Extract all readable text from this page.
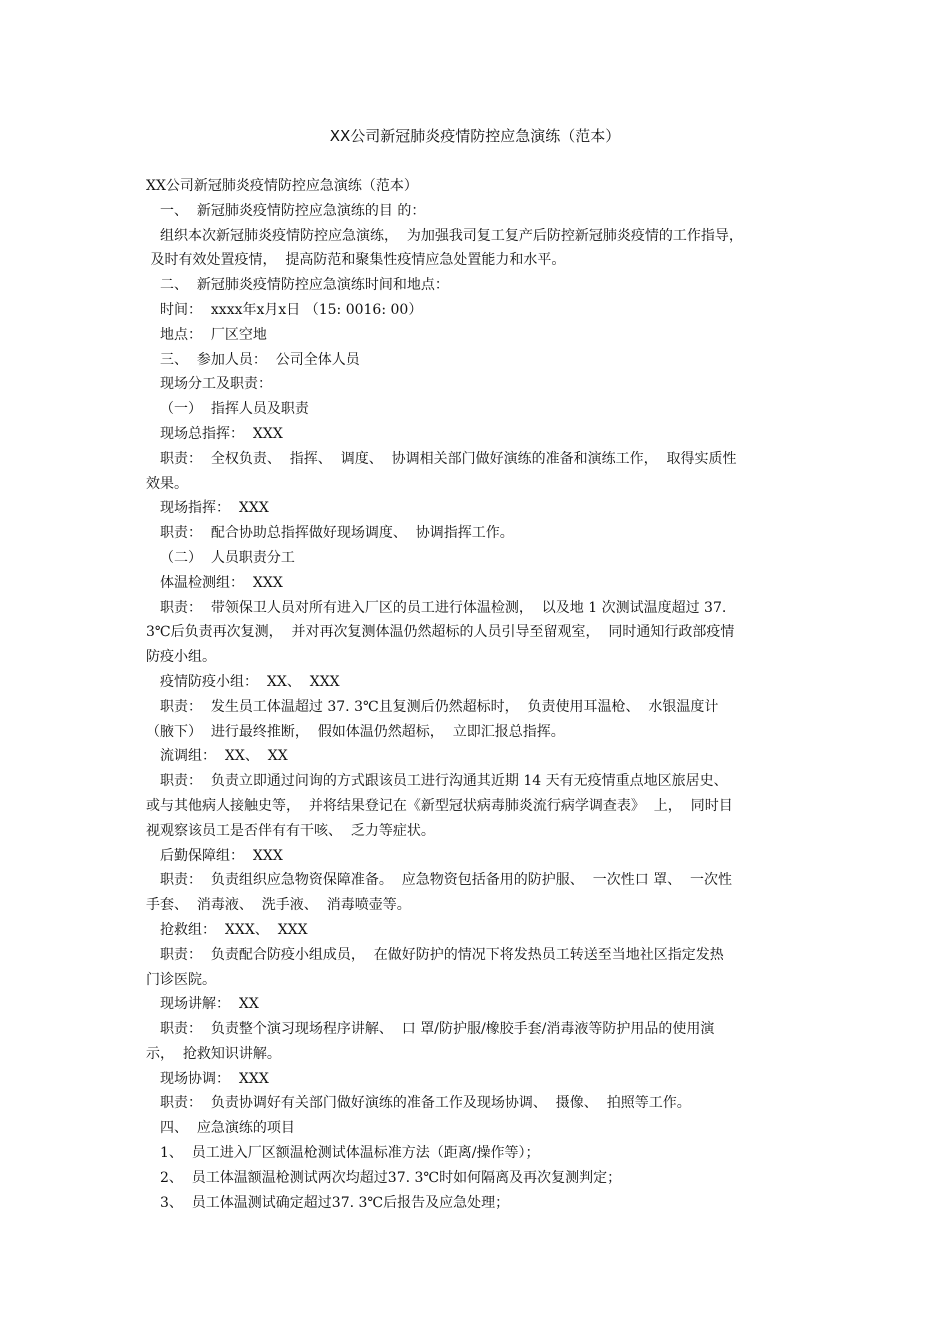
XX公司新冠肺炎疫情防控应急演练（范本）
XX公司新冠肺炎疫情防控应急演练（范本）
一、  新冠肺炎疫情防控应急演练的目 的：
组织本次新冠肺炎疫情防控应急演练，  为加强我司复工复产后防控新冠肺炎疫情的工作指导，
及时有效处置疫情，  提高防范和聚集性疫情应急处置能力和水平。
二、  新冠肺炎疫情防控应急演练时间和地点：
时间：  xxxx年x月x日 （15: 0016: 00）
地点：  厂区空地
三、  参加人员：  公司全体人员
现场分工及职责：
（一）  指挥人员及职责
现场总指挥：  XXX
职责：  全权负责、  指挥、  调度、  协调相关部门做好演练的准备和演练工作，  取得实质性
效果。
现场指挥：  XXX
职责：  配合协助总指挥做好现场调度、  协调指挥工作。
（二）  人员职责分工
体温检测组：  XXX
职责：  带领保卫人员对所有进入厂区的员工进行体温检测，  以及地 1 次测试温度超过 37.
3℃后负责再次复测，  并对再次复测体温仍然超标的人员引导至留观室，  同时通知行政部疫情
防疫小组。
疫情防疫小组：  XX、  XXX
职责：  发生员工体温超过 37. 3℃且复测后仍然超标时，  负责使用耳温枪、  水银温度计
（腋下）  进行最终推断，  假如体温仍然超标，  立即汇报总指挥。
流调组：  XX、  XX
职责：  负责立即通过问询的方式跟该员工进行沟通其近期 14 天有无疫情重点地区旅居史、
或与其他病人接触史等，  并将结果登记在《新型冠状病毒肺炎流行病学调查表》  上，  同时目
视观察该员工是否伴有有干咳、  乏力等症状。
后勤保障组：  XXX
职责：  负责组织应急物资保障准备。  应急物资包括备用的防护服、  一次性口 罩、  一次性
手套、  消毒液、  洗手液、  消毒喷壶等。
抢救组：  XXX、  XXX
职责：  负责配合防疫小组成员，  在做好防护的情况下将发热员工转送至当地社区指定发热
门诊医院。
现场讲解：  XX
职责：  负责整个演习现场程序讲解、  口 罩/防护服/橡胶手套/消毒液等防护用品的使用演
示，  抢救知识讲解。
现场协调：  XXX
职责：  负责协调好有关部门做好演练的准备工作及现场协调、  摄像、  拍照等工作。
四、  应急演练的项目
1、  员工进入厂区额温枪测试体温标准方法（距离/操作等）；
2、  员工体温额温枪测试两次均超过37. 3℃时如何隔离及再次复测判定；
3、  员工体温测试确定超过37. 3℃后报告及应急处理；
